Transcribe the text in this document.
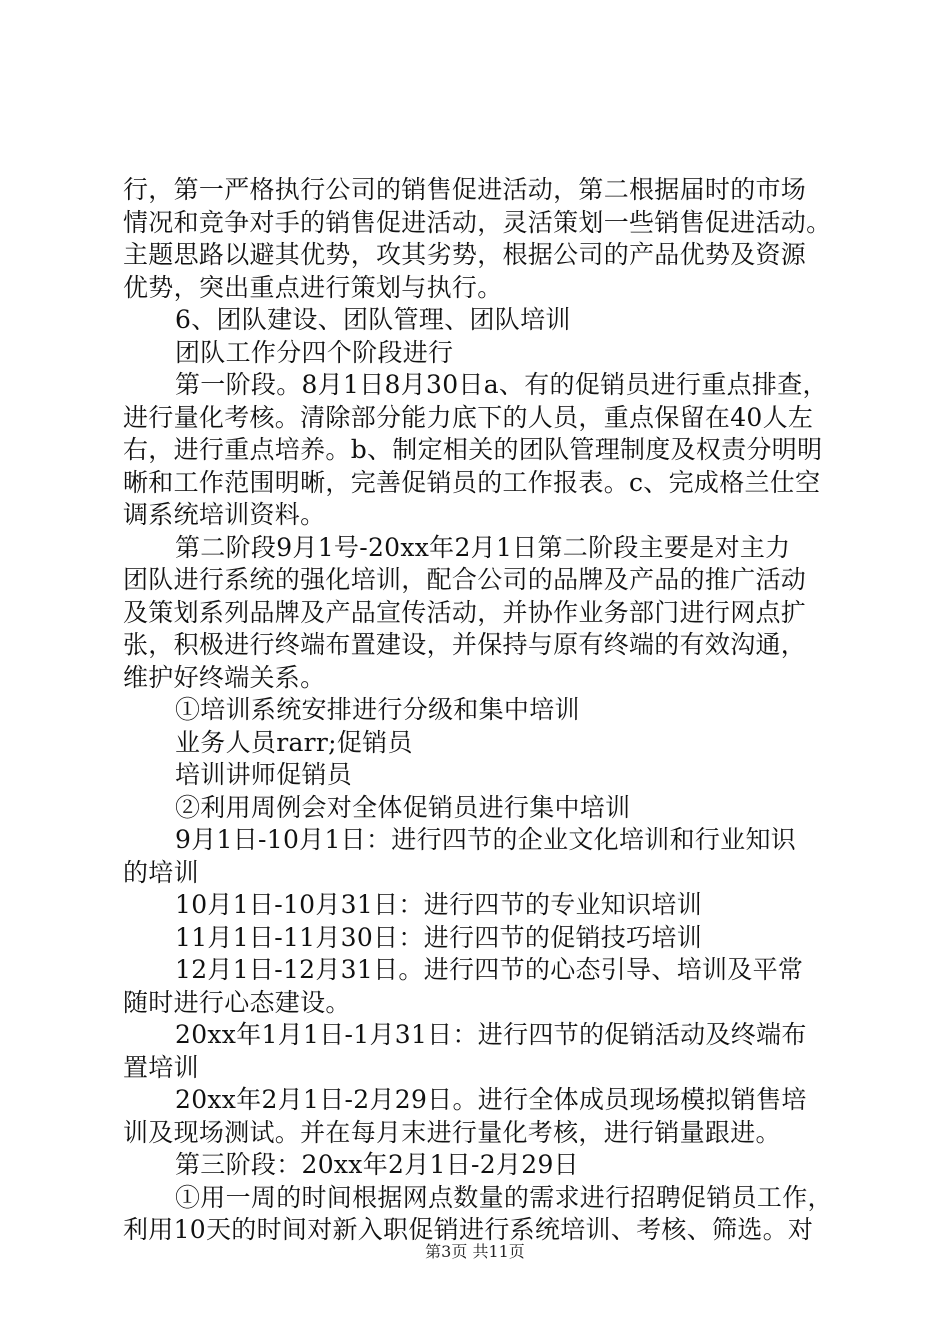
行，第一严格执行公司的销售促进活动，第二根据届时的市场
情况和竞争对手的销售促进活动，灵活策划一些销售促进活动。
主题思路以避其优势，攻其劣势，根据公司的产品优势及资源
优势，突出重点进行策划与执行。
6、团队建设、团队管理、团队培训
团队工作分四个阶段进行
第一阶段。8月1日8月30日a、有的促销员进行重点排查，
进行量化考核。清除部分能力底下的人员，重点保留在40人左
右，进行重点培养。b、制定相关的团队管理制度及权责分明明
晰和工作范围明晰，完善促销员的工作报表。c、完成格兰仕空
调系统培训资料。
第二阶段9月1号-20xx年2月1日第二阶段主要是对主力
团队进行系统的强化培训，配合公司的品牌及产品的推广活动
及策划系列品牌及产品宣传活动，并协作业务部门进行网点扩
张，积极进行终端布置建设，并保持与原有终端的有效沟通，
维护好终端关系。
①培训系统安排进行分级和集中培训
业务人员rarr;促销员
培训讲师促销员
②利用周例会对全体促销员进行集中培训
9月1日-10月1日：进行四节的企业文化培训和行业知识
的培训
10月1日-10月31日：进行四节的专业知识培训
11月1日-11月30日：进行四节的促销技巧培训
12月1日-12月31日。进行四节的心态引导、培训及平常
随时进行心态建设。
20xx年1月1日-1月31日：进行四节的促销活动及终端布
置培训
20xx年2月1日-2月29日。进行全体成员现场模拟销售培
训及现场测试。并在每月末进行量化考核，进行销量跟进。
第三阶段：20xx年2月1日-2月29日
①用一周的时间根据网点数量的需求进行招聘促销员工作，
利用10天的时间对新入职促销进行系统培训、考核、筛选。对
第3页 共11页
